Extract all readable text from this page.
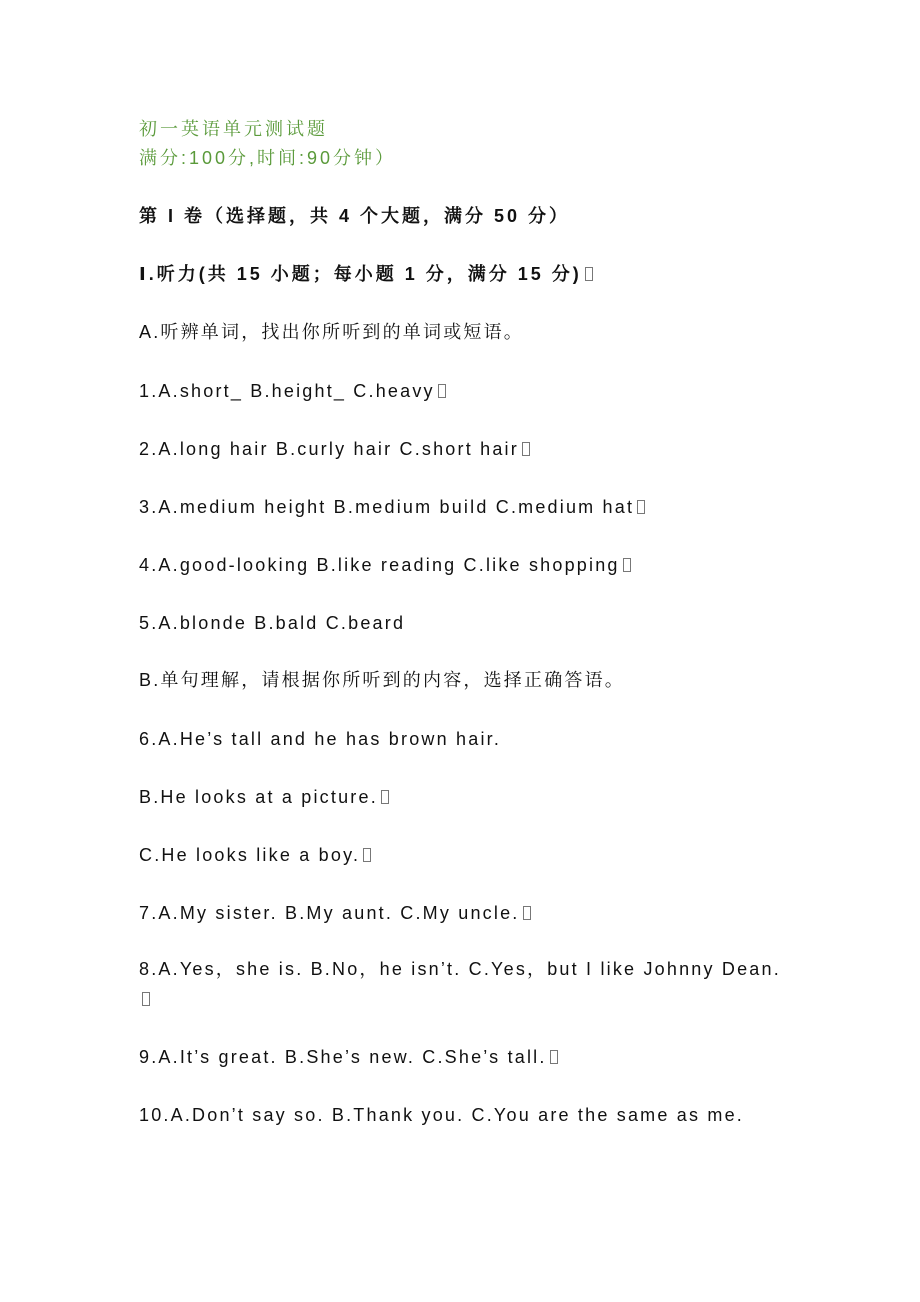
初一英语单元测试题
满分:100分,时间:90分钟）
第 I 卷（选择题，共 4 个大题，满分 50 分）
Ⅰ.听力(共 15 小题；每小题 1 分，满分 15 分)
A.听辨单词，找出你所听到的单词或短语。
1.A.short_ B.height_ C.heavy
2.A.long hair B.curly hair C.short hair
3.A.medium height B.medium build C.medium hat
4.A.good-looking B.like reading C.like shopping
5.A.blonde B.bald C.beard
B.单句理解，请根据你所听到的内容，选择正确答语。
6.A.He’s tall and he has brown hair.
B.He looks at a picture.
C.He looks like a boy.
7.A.My sister. B.My aunt. C.My uncle.
8.A.Yes，she is. B.No，he isn’t. C.Yes，but I like Johnny Dean.
9.A.It’s great. B.She’s new. C.She’s tall.
10.A.Don’t say so. B.Thank you. C.You are the same as me.
